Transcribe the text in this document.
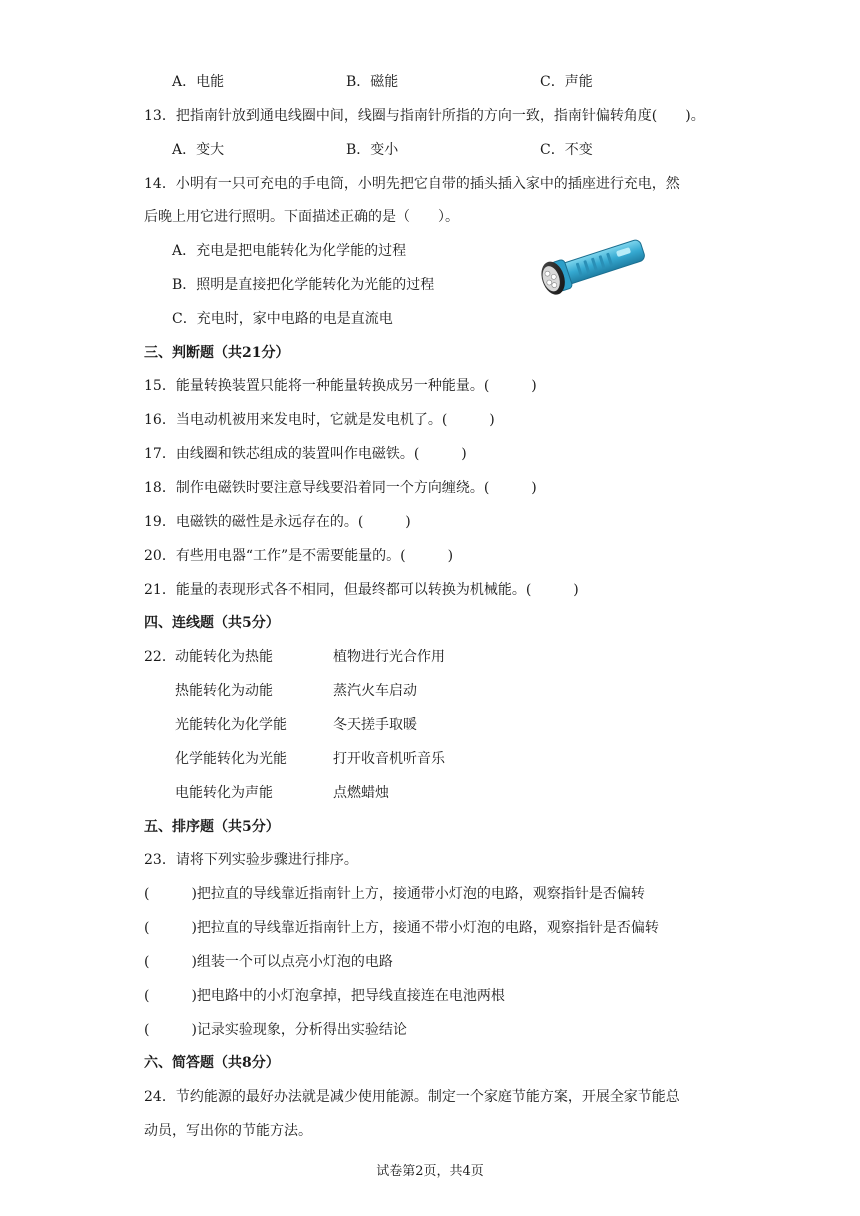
A．电能	B．磁能	C．声能
13．把指南针放到通电线圈中间，线圈与指南针所指的方向一致，指南针偏转角度(　　)。
A．变大	B．变小	C．不变
14．小明有一只可充电的手电筒，小明先把它自带的插头插入家中的插座进行充电，然
后晚上用它进行照明。下面描述正确的是（　　）。
A．充电是把电能转化为化学能的过程
B．照明是直接把化学能转化为光能的过程
C．充电时，家中电路的电是直流电
三、判断题（共21分）
15．能量转换装置只能将一种能量转换成另一种能量。(　　　)
16．当电动机被用来发电时，它就是发电机了。(　　　)
17．由线圈和铁芯组成的装置叫作电磁铁。(　　　)
18．制作电磁铁时要注意导线要沿着同一个方向缠绕。(　　　)
19．电磁铁的磁性是永远存在的。(　　　)
20．有些用电器“工作”是不需要能量的。(　　　)
21．能量的表现形式各不相同，但最终都可以转换为机械能。(　　　)
四、连线题（共5分）
22． 动能转化为热能	植物进行光合作用
热能转化为动能	蒸汽火车启动
光能转化为化学能	冬天搓手取暖
化学能转化为光能	打开收音机听音乐
电能转化为声能	点燃蜡烛
五、排序题（共5分）
23．请将下列实验步骤进行排序。
(　　　)把拉直的导线靠近指南针上方，接通带小灯泡的电路，观察指针是否偏转
(　　　)把拉直的导线靠近指南针上方，接通不带小灯泡的电路，观察指针是否偏转
(　　　)组装一个可以点亮小灯泡的电路
(　　　)把电路中的小灯泡拿掉，把导线直接连在电池两根
(　　　)记录实验现象，分析得出实验结论
六、简答题（共8分）
24．节约能源的最好办法就是减少使用能源。制定一个家庭节能方案，开展全家节能总
动员，写出你的节能方法。
试卷第2页，共4页
